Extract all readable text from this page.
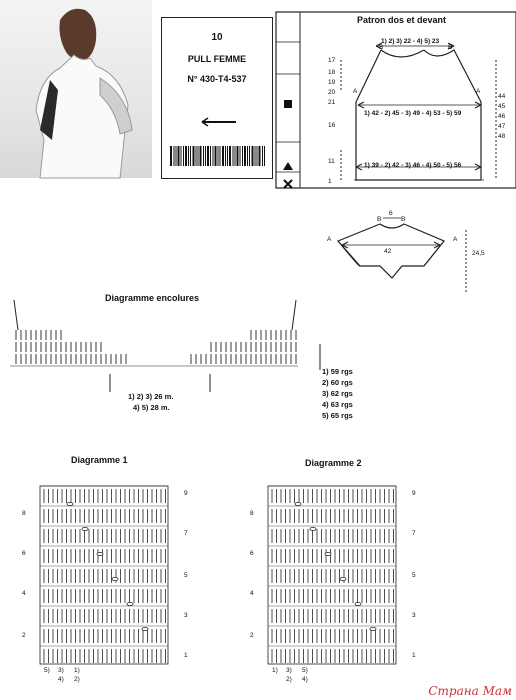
10
PULL FEMME
N° 430-T4-537
Patron dos et devant
1) 2) 3) 22 - 4) 5) 23
1) 42 - 2) 45 - 3) 49 - 4) 53 - 5) 59
1) 39 - 2) 42 - 3) 46 - 4) 50 - 5) 56
B	B
A	A
6
B	B
A	A
42	24,5
Diagramme encolures
1) 2) 3) 26 m.
4) 5) 28 m.
Diagramme 1	Diagramme 2
Страна Мам
17
18
19
20
21
16
11
1
44
45
46
47
48
1) 59 rgs
2) 60 rgs
3) 62 rgs
4) 63 rgs
5) 65 rgs
8
6
4
2
9
7
5
3
1
5) 3) 1)
4) 2)
8
6
4
2
9
7
5
3
1
1) 3) 5)
2) 4)
